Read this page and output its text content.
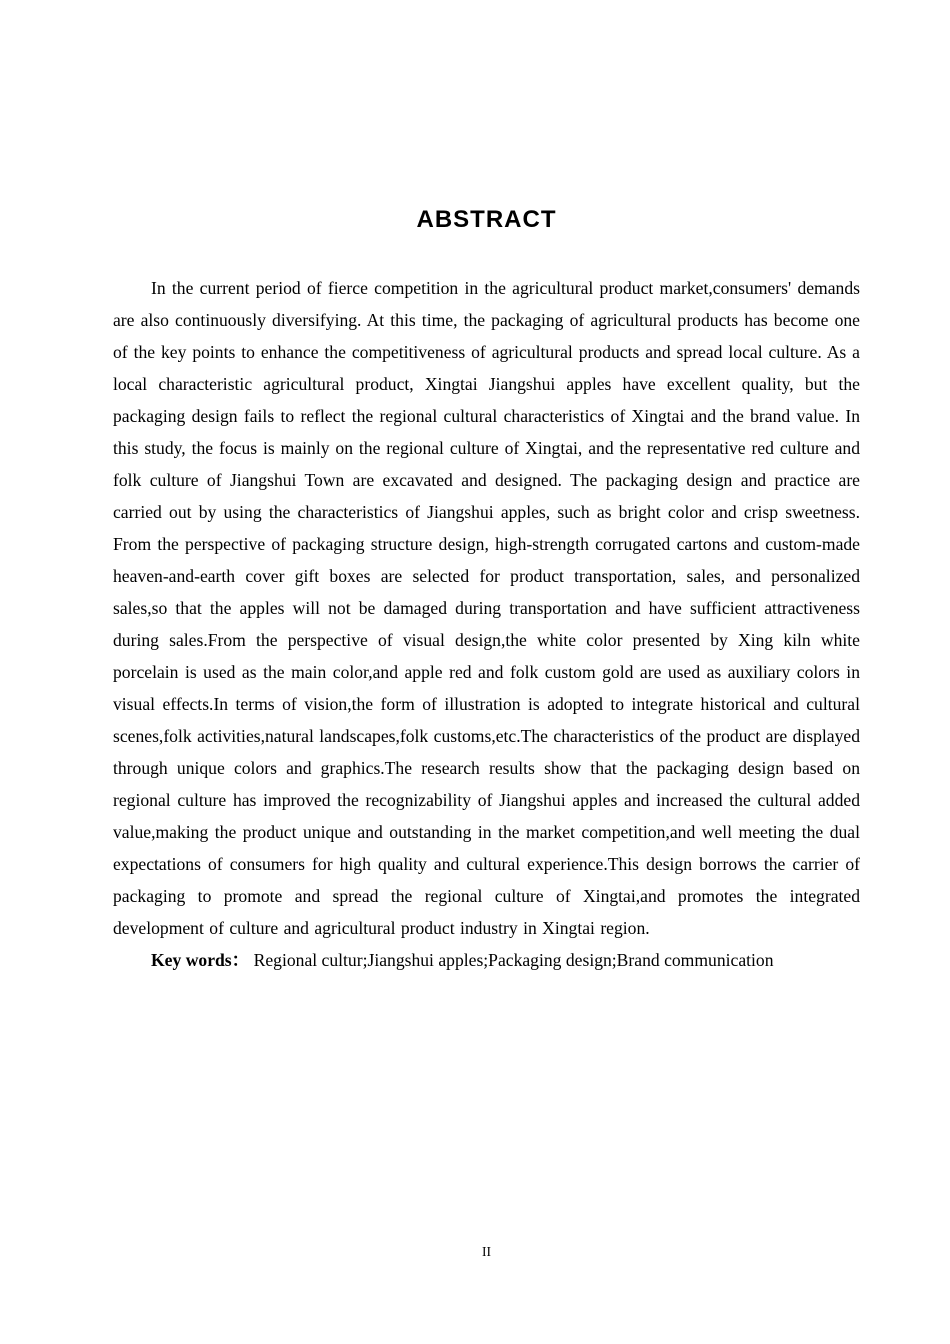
ABSTRACT

In the current period of fierce competition in the agricultural product market,consumers' demands are also continuously diversifying. At this time, the packaging of agricultural products has become one of the key points to enhance the competitiveness of agricultural products and spread local culture. As a local characteristic agricultural product, Xingtai Jiangshui apples have excellent quality, but the packaging design fails to reflect the regional cultural characteristics of Xingtai and the brand value. In this study, the focus is mainly on the regional culture of Xingtai, and the representative red culture and folk culture of Jiangshui Town are excavated and designed. The packaging design and practice are carried out by using the characteristics of Jiangshui apples, such as bright color and crisp sweetness. From the perspective of packaging structure design, high-strength corrugated cartons and custom-made heaven-and-earth cover gift boxes are selected for product transportation, sales, and personalized sales,so that the apples will not be damaged during transportation and have sufficient attractiveness during sales.From the perspective of visual design,the white color presented by Xing kiln white porcelain is used as the main color,and apple red and folk custom gold are used as auxiliary colors in visual effects.In terms of vision,the form of illustration is adopted to integrate historical and cultural scenes,folk activities,natural landscapes,folk customs,etc.The characteristics of the product are displayed through unique colors and graphics.The research results show that the packaging design based on regional culture has improved the recognizability of Jiangshui apples and increased the cultural added value,making the product unique and outstanding in the market competition,and well meeting the dual expectations of consumers for high quality and cultural experience.This design borrows the carrier of packaging to promote and spread the regional culture of Xingtai,and promotes the integrated development of culture and agricultural product industry in Xingtai region.

Key words： Regional cultur;Jiangshui apples;Packaging design;Brand communication

II
